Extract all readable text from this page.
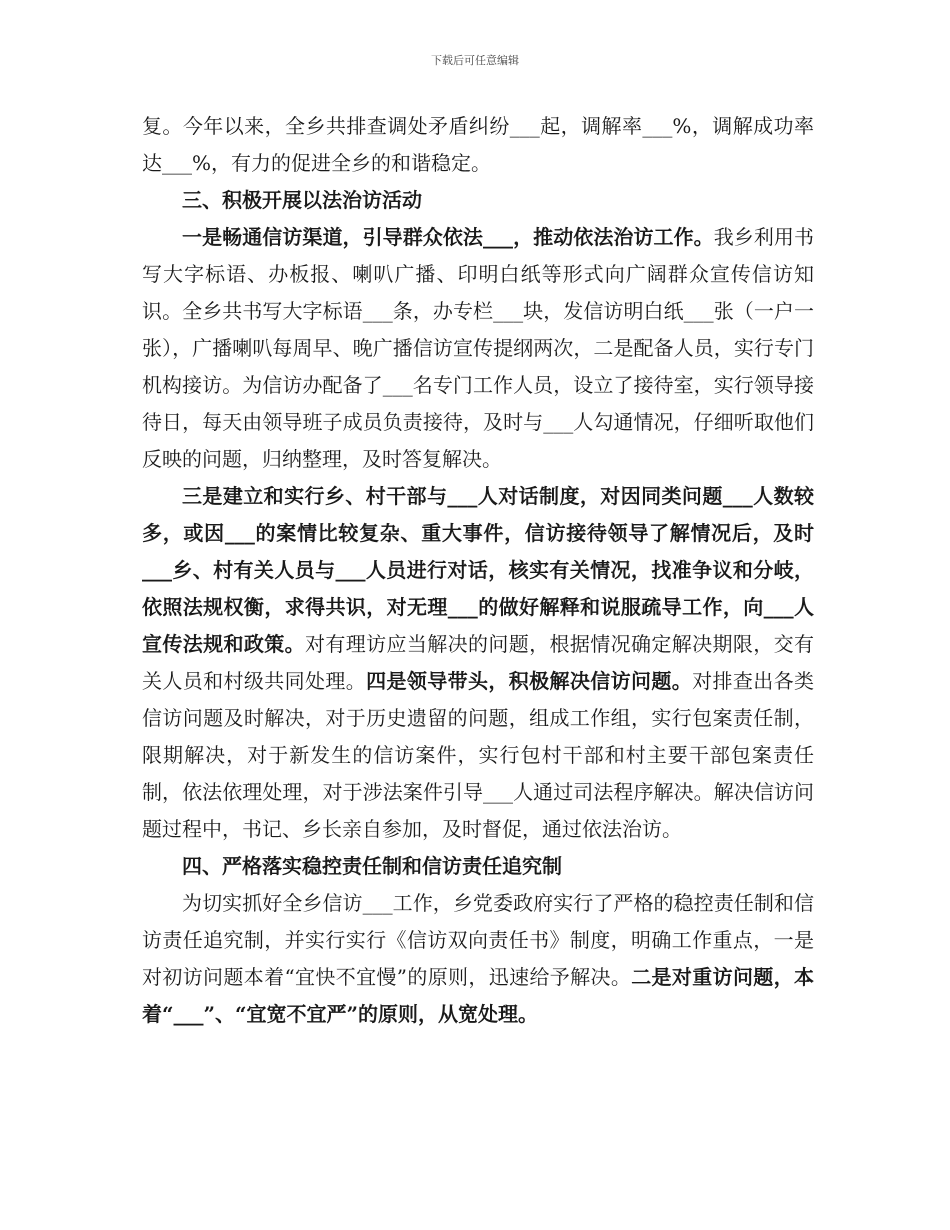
下载后可任意编辑

复。今年以来，全乡共排查调处矛盾纠纷___起，调解率___%，调解成功率达___%，有力的促进全乡的和谐稳定。

三、积极开展以法治访活动

一是畅通信访渠道，引导群众依法___，推动依法治访工作。我乡利用书写大字标语、办板报、喇叭广播、印明白纸等形式向广阔群众宣传信访知识。全乡共书写大字标语___条，办专栏___块，发信访明白纸___张（一户一张），广播喇叭每周早、晚广播信访宣传提纲两次，二是配备人员，实行专门机构接访。为信访办配备了___名专门工作人员，设立了接待室，实行领导接待日，每天由领导班子成员负责接待，及时与___人勾通情况，仔细听取他们反映的问题，归纳整理，及时答复解决。

三是建立和实行乡、村干部与___人对话制度，对因同类问题___人数较多，或因___的案情比较复杂、重大事件，信访接待领导了解情况后，及时___乡、村有关人员与___人员进行对话，核实有关情况，找准争议和分岐，依照法规权衡，求得共识，对无理___的做好解释和说服疏导工作，向___人宣传法规和政策。对有理访应当解决的问题，根据情况确定解决期限，交有关人员和村级共同处理。四是领导带头，积极解决信访问题。对排查出各类信访问题及时解决，对于历史遗留的问题，组成工作组，实行包案责任制，限期解决，对于新发生的信访案件，实行包村干部和村主要干部包案责任制，依法依理处理，对于涉法案件引导___人通过司法程序解决。解决信访问题过程中，书记、乡长亲自参加，及时督促，通过依法治访。

四、严格落实稳控责任制和信访责任追究制

为切实抓好全乡信访___工作，乡党委政府实行了严格的稳控责任制和信访责任追究制，并实行实行《信访双向责任书》制度，明确工作重点，一是对初访问题本着“宜快不宜慢”的原则，迅速给予解决。二是对重访问题，本着“___”、“宜宽不宜严”的原则，从宽处理。
